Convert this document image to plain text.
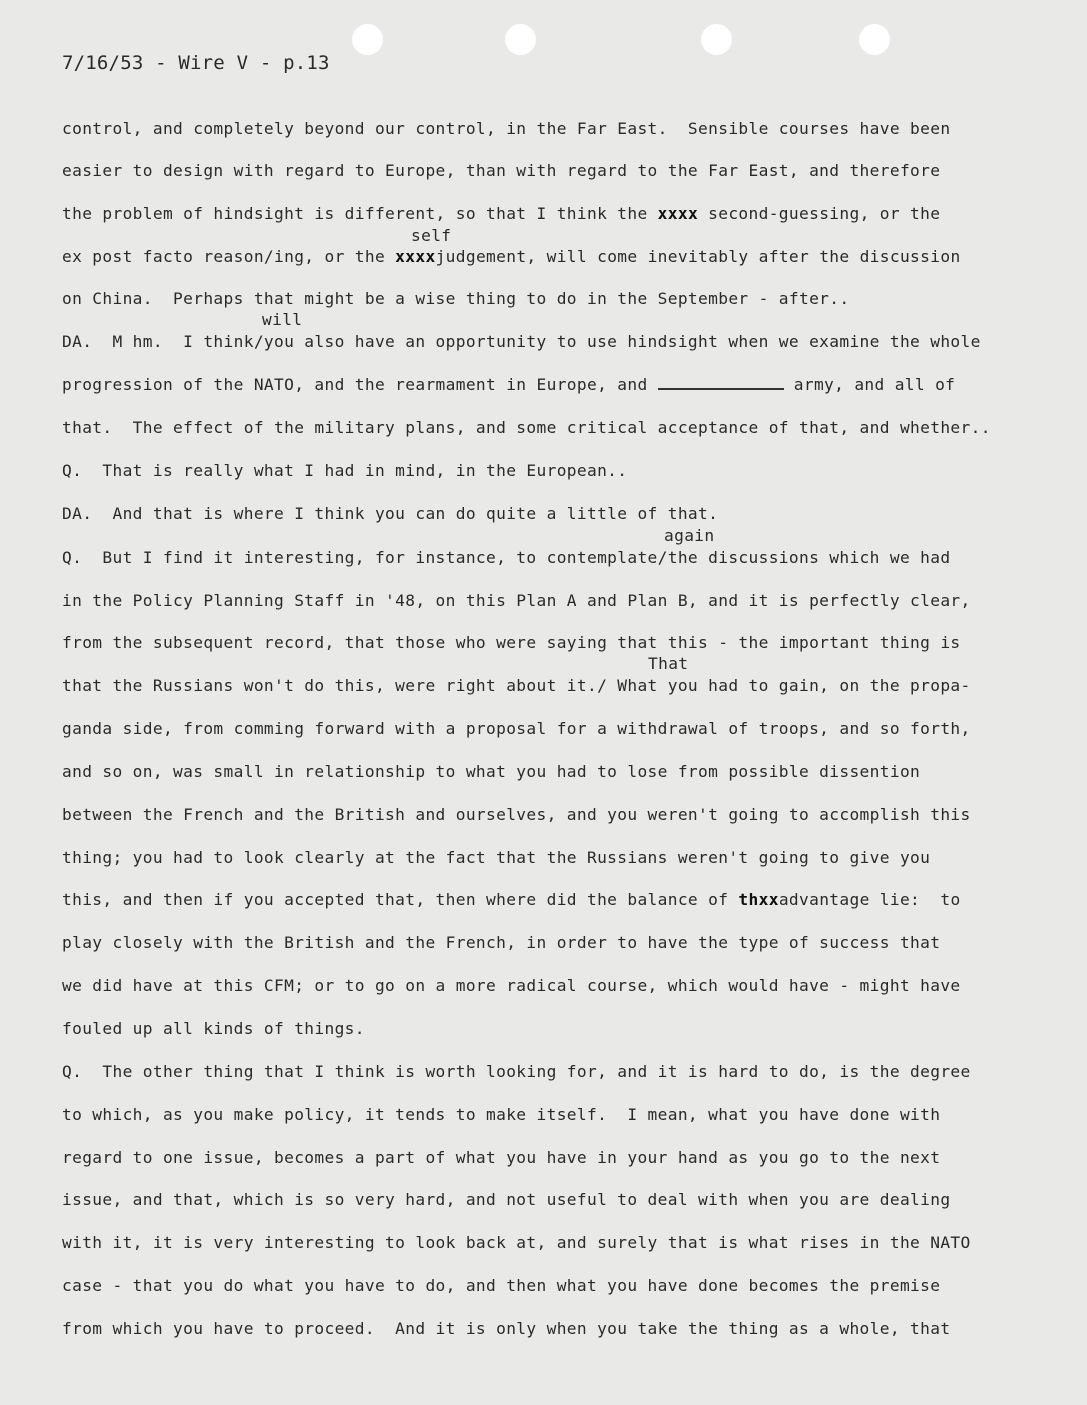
7/16/53 - Wire V - p.13
control, and completely beyond our control, in the Far East.  Sensible courses have been
easier to design with regard to Europe, than with regard to the Far East, and therefore
the problem of hindsight is different, so that I think the xxxx second-guessing, or the
self
ex post facto reason/ing, or the xxxxjudgement, will come inevitably after the discussion
on China.  Perhaps that might be a wise thing to do in the September - after..
will
DA.  M hm.  I think/you also have an opportunity to use hindsight when we examine the whole
progression of the NATO, and the rearmament in Europe, and	army, and all of
that.  The effect of the military plans, and some critical acceptance of that, and whether..
Q.  That is really what I had in mind, in the European..
DA.  And that is where I think you can do quite a little of that.
again
Q.  But I find it interesting, for instance, to contemplate/the discussions which we had
in the Policy Planning Staff in '48, on this Plan A and Plan B, and it is perfectly clear,
from the subsequent record, that those who were saying that this - the important thing is
That
that the Russians won't do this, were right about it./ What you had to gain, on the propa-
ganda side, from comming forward with a proposal for a withdrawal of troops, and so forth,
and so on, was small in relationship to what you had to lose from possible dissention
between the French and the British and ourselves, and you weren't going to accomplish this
thing; you had to look clearly at the fact that the Russians weren't going to give you
this, and then if you accepted that, then where did the balance of thxxadvantage lie:  to
play closely with the British and the French, in order to have the type of success that
we did have at this CFM; or to go on a more radical course, which would have - might have
fouled up all kinds of things.
Q.  The other thing that I think is worth looking for, and it is hard to do, is the degree
to which, as you make policy, it tends to make itself.  I mean, what you have done with
regard to one issue, becomes a part of what you have in your hand as you go to the next
issue, and that, which is so very hard, and not useful to deal with when you are dealing
with it, it is very interesting to look back at, and surely that is what rises in the NATO
case - that you do what you have to do, and then what you have done becomes the premise
from which you have to proceed.  And it is only when you take the thing as a whole, that
